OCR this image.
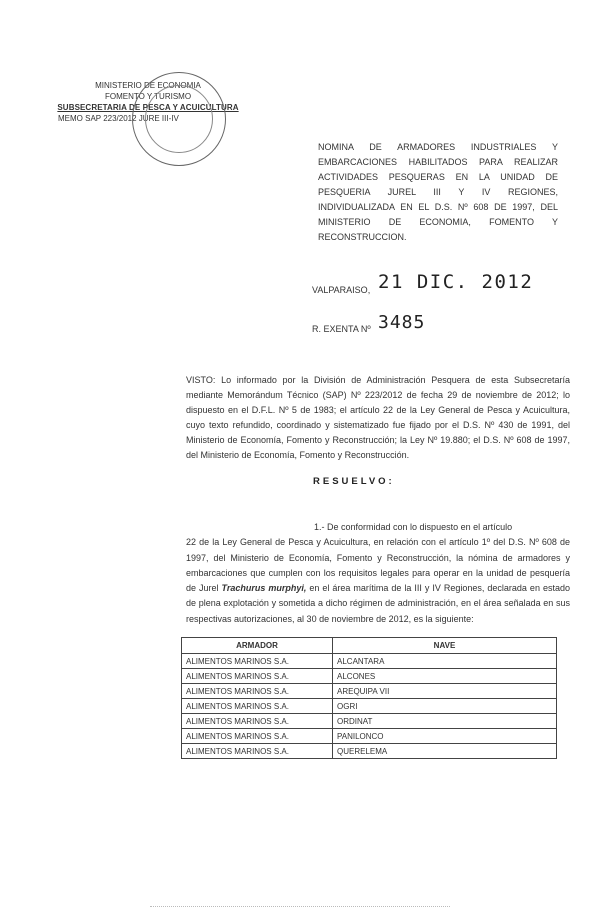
MINISTERIO DE ECONOMIA
FOMENTO Y TURISMO
SUBSECRETARIA DE PESCA Y ACUICULTURA
MEMO SAP 223/2012 JURE III-IV
NOMINA DE ARMADORES INDUSTRIALES Y EMBARCACIONES HABILITADOS PARA REALIZAR ACTIVIDADES PESQUERAS EN LA UNIDAD DE PESQUERIA JUREL III Y IV REGIONES, INDIVIDUALIZADA EN EL D.S. Nº 608 DE 1997, DEL MINISTERIO DE ECONOMIA, FOMENTO Y RECONSTRUCCION.
VALPARAISO, 21 DIC. 2012
R. EXENTA Nº 3485
VISTO: Lo informado por la División de Administración Pesquera de esta Subsecretaría mediante Memorándum Técnico (SAP) Nº 223/2012 de fecha 29 de noviembre de 2012; lo dispuesto en el D.F.L. Nº 5 de 1983; el artículo 22 de la Ley General de Pesca y Acuicultura, cuyo texto refundido, coordinado y sistematizado fue fijado por el D.S. Nº 430 de 1991, del Ministerio de Economía, Fomento y Reconstrucción; la Ley Nº 19.880; el D.S. Nº 608 de 1997, del Ministerio de Economía, Fomento y Reconstrucción.
RESUELVO:
1.- De conformidad con lo dispuesto en el artículo
22 de la Ley General de Pesca y Acuicultura, en relación con el artículo 1º del D.S. Nº 608 de 1997, del Ministerio de Economía, Fomento y Reconstrucción, la nómina de armadores y embarcaciones que cumplen con los requisitos legales para operar en la unidad de pesquería de Jurel Trachurus murphyi, en el área marítima de la III y IV Regiones, declarada en estado de plena explotación y sometida a dicho régimen de administración, en el área señalada en sus respectivas autorizaciones, al 30 de noviembre de 2012, es la siguiente:
ARMADOR	NAVE
ALIMENTOS MARINOS S.A.	ALCANTARA
ALIMENTOS MARINOS S.A.	ALCONES
ALIMENTOS MARINOS S.A.	AREQUIPA VII
ALIMENTOS MARINOS S.A.	OGRI
ALIMENTOS MARINOS S.A.	ORDINAT
ALIMENTOS MARINOS S.A.	PANILONCO
ALIMENTOS MARINOS S.A.	QUERELEMA
